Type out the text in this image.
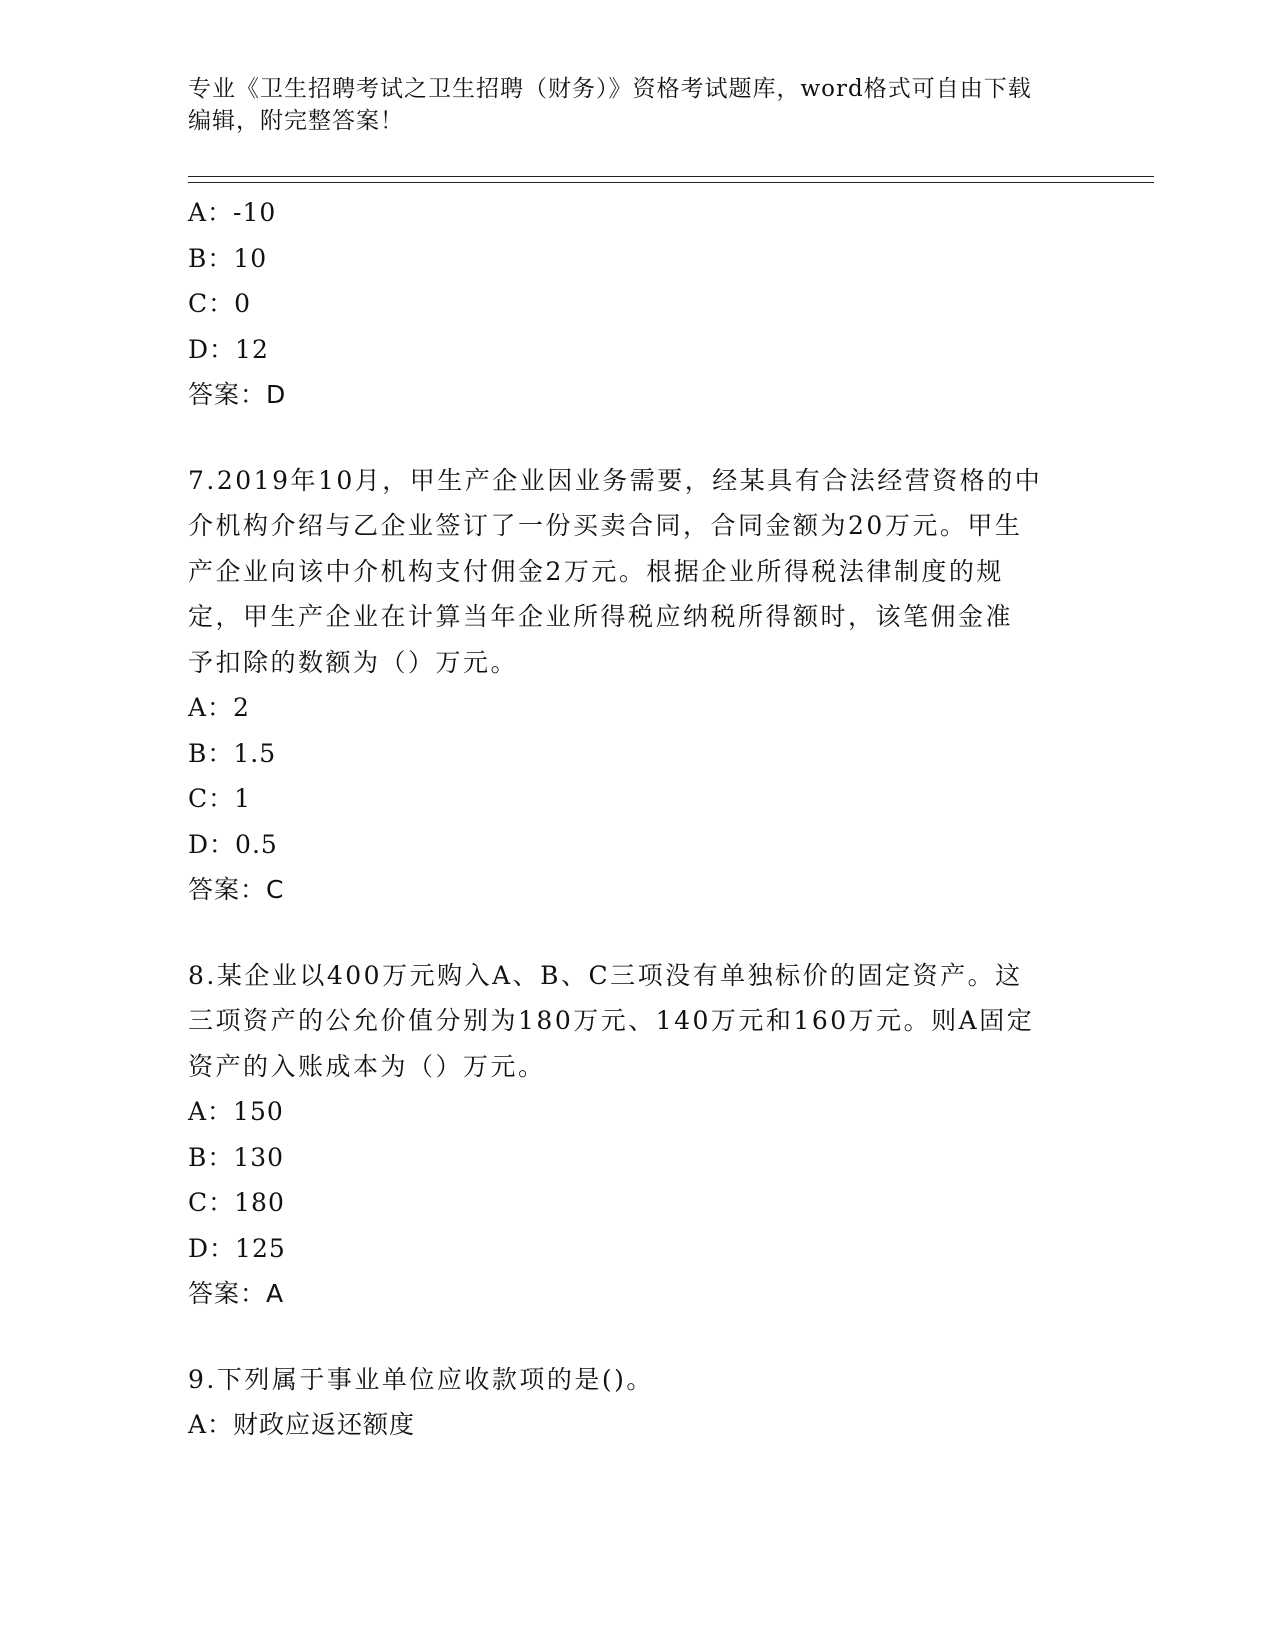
专业《卫生招聘考试之卫生招聘（财务）》资格考试题库，word格式可自由下载
编辑，附完整答案！
A：-10
B：10
C：0
D：12
答案：D
7.2019年10月，甲生产企业因业务需要，经某具有合法经营资格的中
介机构介绍与乙企业签订了一份买卖合同，合同金额为20万元。甲生
产企业向该中介机构支付佣金2万元。根据企业所得税法律制度的规
定，甲生产企业在计算当年企业所得税应纳税所得额时，该笔佣金准
予扣除的数额为（）万元。
A：2
B：1.5
C：1
D：0.5
答案：C
8.某企业以400万元购入A、B、C三项没有单独标价的固定资产。这
三项资产的公允价值分别为180万元、140万元和160万元。则A固定
资产的入账成本为（）万元。
A：150
B：130
C：180
D：125
答案：A
9.下列属于事业单位应收款项的是()。
A：财政应返还额度
